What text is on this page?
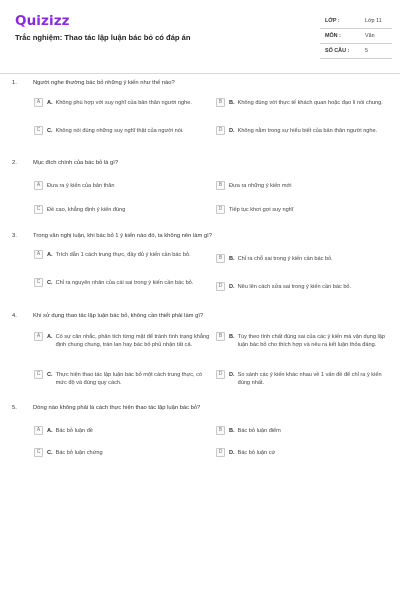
Quizizz
Trắc nghiệm: Thao tác lập luận bác bỏ có đáp án
LỚP :	Lớp 11
MÔN :	Văn
SỐ CÂU :	5
1.	Người nghe thường bác bỏ những ý kiến như thế nào?
A	A. Không phù hợp với suy nghĩ của bản thân người nghe.	B	B. Không đúng với thực tế khách quan hoặc đạo lí nói chung.
C	C. Không nói đúng những suy nghĩ thật của người nói.	D	D. Không nằm trong sự hiểu biết của bản thân người nghe.
2.	Mục đích chính của bác bỏ là gì?
A	Đưa ra ý kiến của bản thân	B	Đưa ra những ý kiến mới
C	Đề cao, khẳng định ý kiến đúng	D	Tiếp tục khơi gợi suy nghĩ
3.	Trong văn nghị luận, khi bác bỏ 1 ý kiến nào đó, ta không nên làm gì?
A	A. Trích dẫn 1 cách trung thực, đầy đủ ý kiến cần bác bỏ.	B	B. Chỉ ra chỗ sai trong ý kiến cần bác bỏ.
C	C. Chỉ ra nguyên nhân của cái sai trong ý kiến cần bác bỏ.	D	D. Nêu lên cách sửa sai trong ý kiến cần bác bỏ.
4.	Khi sử dụng thao tác lập luận bác bỏ, không cần thiết phải làm gì?
A	A. Có sự cân nhắc, phân tích từng mặt để tránh tình trạng khẳng định chung chung, tràn lan hay bác bỏ phủ nhận tất cả.
B	B. Tùy theo tính chất đúng sai của các ý kiến mà vận dụng lập luận bác bỏ cho thích hợp và nêu ra kết luận thỏa đáng.
C	C. Thực hiện thao tác lập luận bác bỏ một cách trung thực, có mức độ và đúng quy cách.
D	D. So sánh các ý kiến khác nhau về 1 vấn đề để chỉ ra ý kiến đúng nhất.
5.	Dòng nào không phải là cách thực hiện thao tác lập luận bác bỏ?
A	A. Bác bỏ luận đề	B	B. Bác bỏ luận điểm
C	C. Bác bỏ luận chứng	D	D. Bác bỏ luận cứ
